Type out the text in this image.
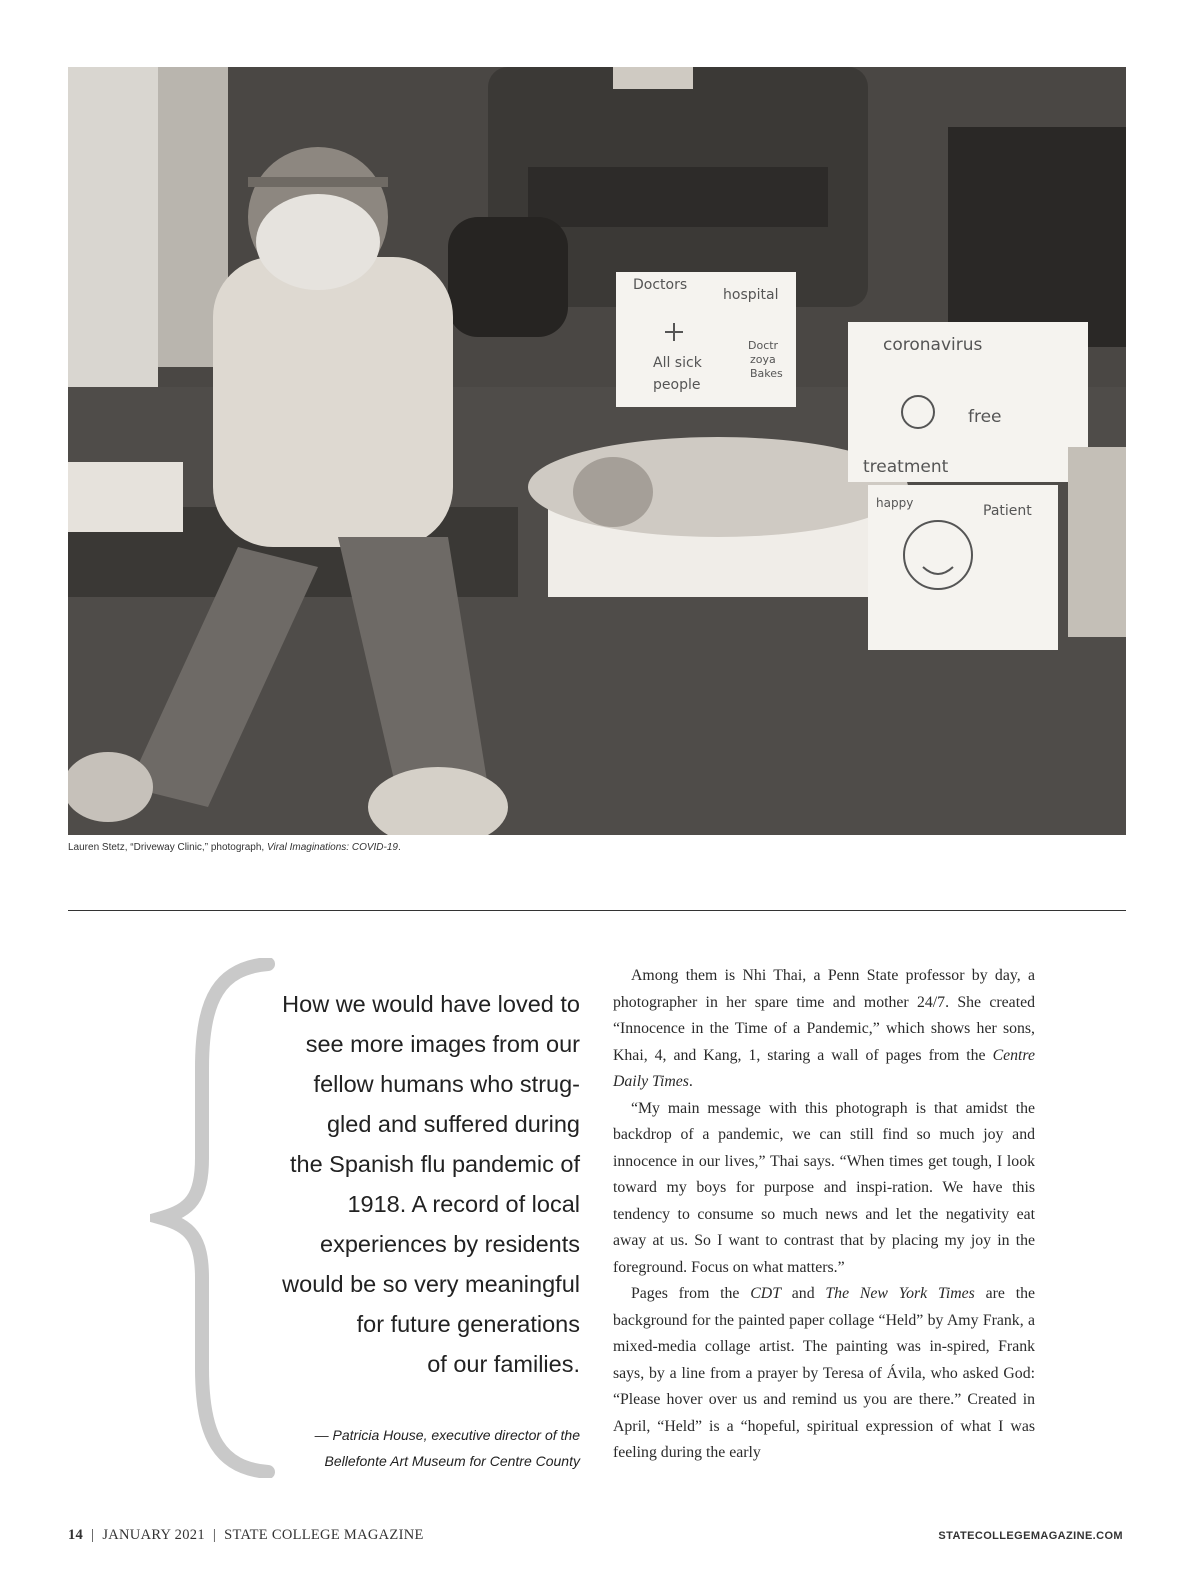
Doctors
hospital
All sick
people
Doctr
zoya
Bakes
coronavirus
free
treatment
happy	Patient
Lauren Stetz, “Driveway Clinic,” photograph, Viral Imaginations: COVID-19.
How we would have loved to
see more images from our
fellow humans who strug-
gled and suffered during
the Spanish flu pandemic of
1918. A record of local
experiences by residents
would be so very meaningful
for future generations
of our families.
— Patricia House, executive director of the
Bellefonte Art Museum for Centre County

Among them is Nhi Thai, a Penn State professor by day, a photographer in her spare time and mother 24/7. She created “Innocence in the Time of a Pandemic,” which shows her sons, Khai, 4, and Kang, 1, staring a wall of pages from the Centre Daily Times.

“My main message with this photograph is that amidst the backdrop of a pandemic, we can still find so much joy and innocence in our lives,” Thai says. “When times get tough, I look toward my boys for purpose and inspi-ration. We have this tendency to consume so much news and let the negativity eat away at us. So I want to contrast that by placing my joy in the foreground. Focus on what matters.”

Pages from the CDT and The New York Times are the background for the painted paper collage “Held” by Amy Frank, a mixed-media collage artist. The painting was in-spired, Frank says, by a line from a prayer by Teresa of Ávila, who asked God: “Please hover over us and remind us you are there.” Created in April, “Held” is a “hopeful, spiritual expression of what I was feeling during the early

14 | JANUARY 2021 | STATE COLLEGE MAGAZINE	STATECOLLEGEMAGAZINE.COM
